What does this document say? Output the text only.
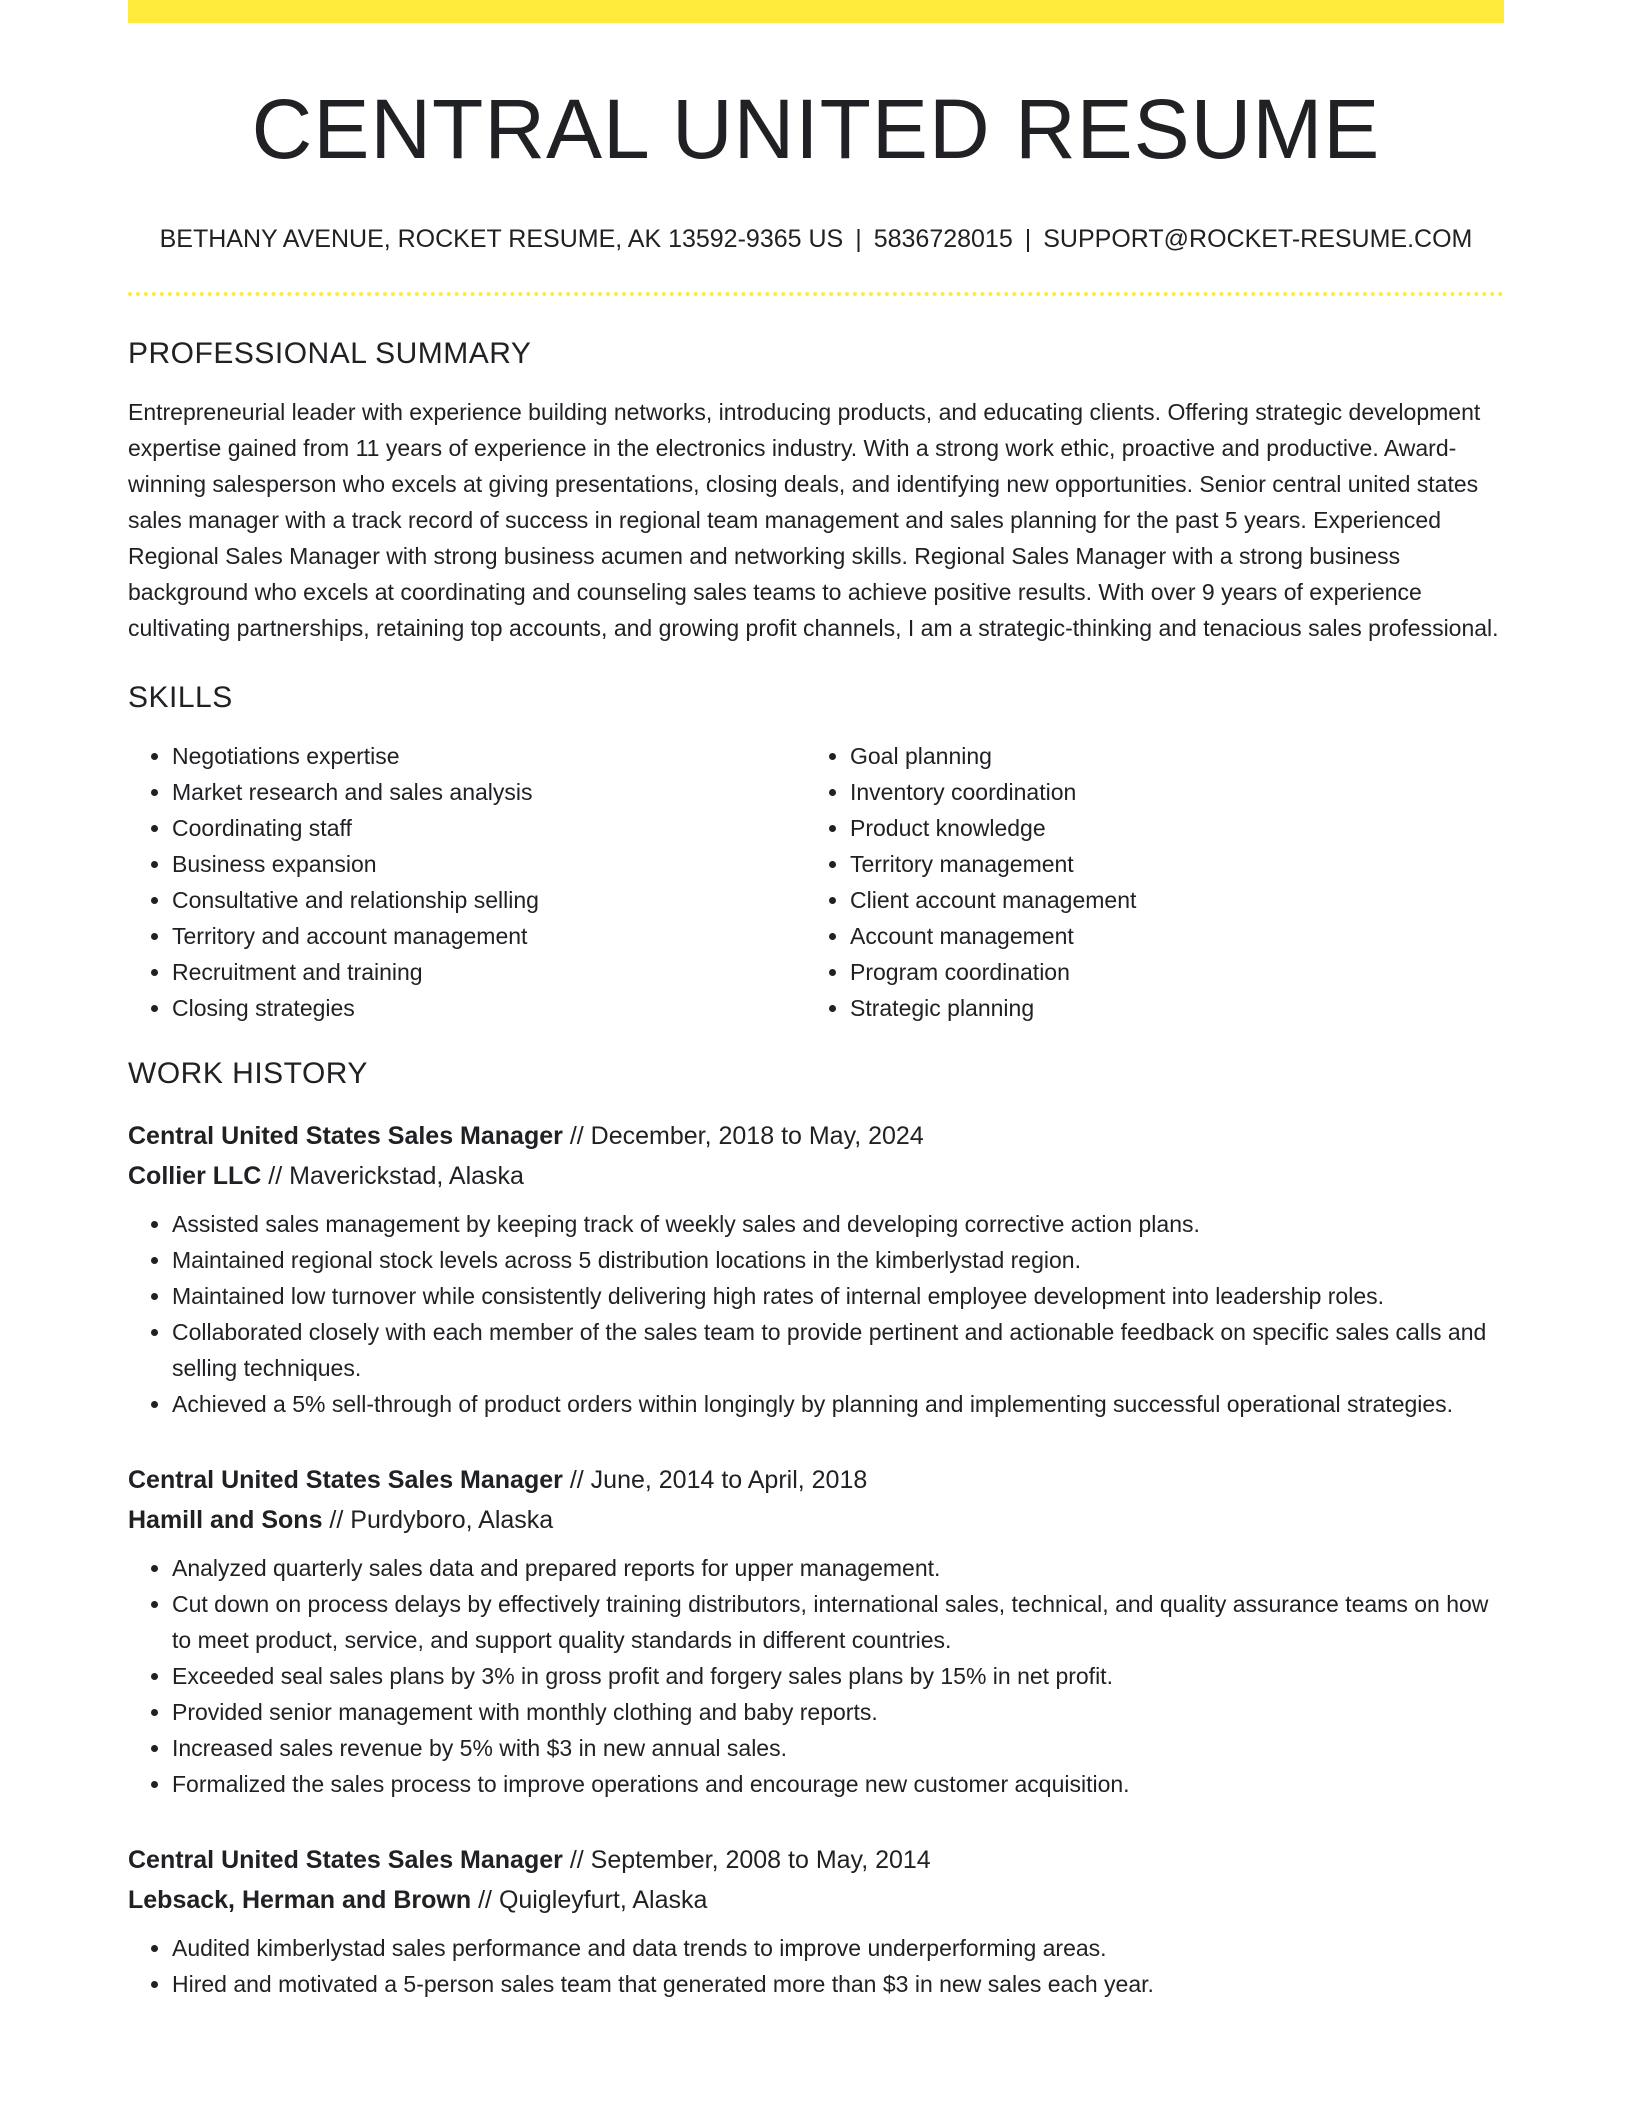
CENTRAL UNITED RESUME
BETHANY AVENUE, ROCKET RESUME, AK 13592-9365 US | 5836728015 | SUPPORT@ROCKET-RESUME.COM
PROFESSIONAL SUMMARY

Entrepreneurial leader with experience building networks, introducing products, and educating clients. Offering strategic development expertise gained from 11 years of experience in the electronics industry. With a strong work ethic, proactive and productive. Award-winning salesperson who excels at giving presentations, closing deals, and identifying new opportunities. Senior central united states sales manager with a track record of success in regional team management and sales planning for the past 5 years. Experienced Regional Sales Manager with strong business acumen and networking skills. Regional Sales Manager with a strong business background who excels at coordinating and counseling sales teams to achieve positive results. With over 9 years of experience cultivating partnerships, retaining top accounts, and growing profit channels, I am a strategic-thinking and tenacious sales professional.

SKILLS
• Negotiations expertise
• Market research and sales analysis
• Coordinating staff
• Business expansion
• Consultative and relationship selling
• Territory and account management
• Recruitment and training
• Closing strategies
• Goal planning
• Inventory coordination
• Product knowledge
• Territory management
• Client account management
• Account management
• Program coordination
• Strategic planning
WORK HISTORY
Central United States Sales Manager // December, 2018 to May, 2024
Collier LLC // Maverickstad, Alaska
• Assisted sales management by keeping track of weekly sales and developing corrective action plans.
• Maintained regional stock levels across 5 distribution locations in the kimberlystad region.
• Maintained low turnover while consistently delivering high rates of internal employee development into leadership roles.
• Collaborated closely with each member of the sales team to provide pertinent and actionable feedback on specific sales calls and selling techniques.
• Achieved a 5% sell-through of product orders within longingly by planning and implementing successful operational strategies.
Central United States Sales Manager // June, 2014 to April, 2018
Hamill and Sons // Purdyboro, Alaska
• Analyzed quarterly sales data and prepared reports for upper management.
• Cut down on process delays by effectively training distributors, international sales, technical, and quality assurance teams on how to meet product, service, and support quality standards in different countries.
• Exceeded seal sales plans by 3% in gross profit and forgery sales plans by 15% in net profit.
• Provided senior management with monthly clothing and baby reports.
• Increased sales revenue by 5% with $3 in new annual sales.
• Formalized the sales process to improve operations and encourage new customer acquisition.
Central United States Sales Manager // September, 2008 to May, 2014
Lebsack, Herman and Brown // Quigleyfurt, Alaska
• Audited kimberlystad sales performance and data trends to improve underperforming areas.
• Hired and motivated a 5-person sales team that generated more than $3 in new sales each year.
